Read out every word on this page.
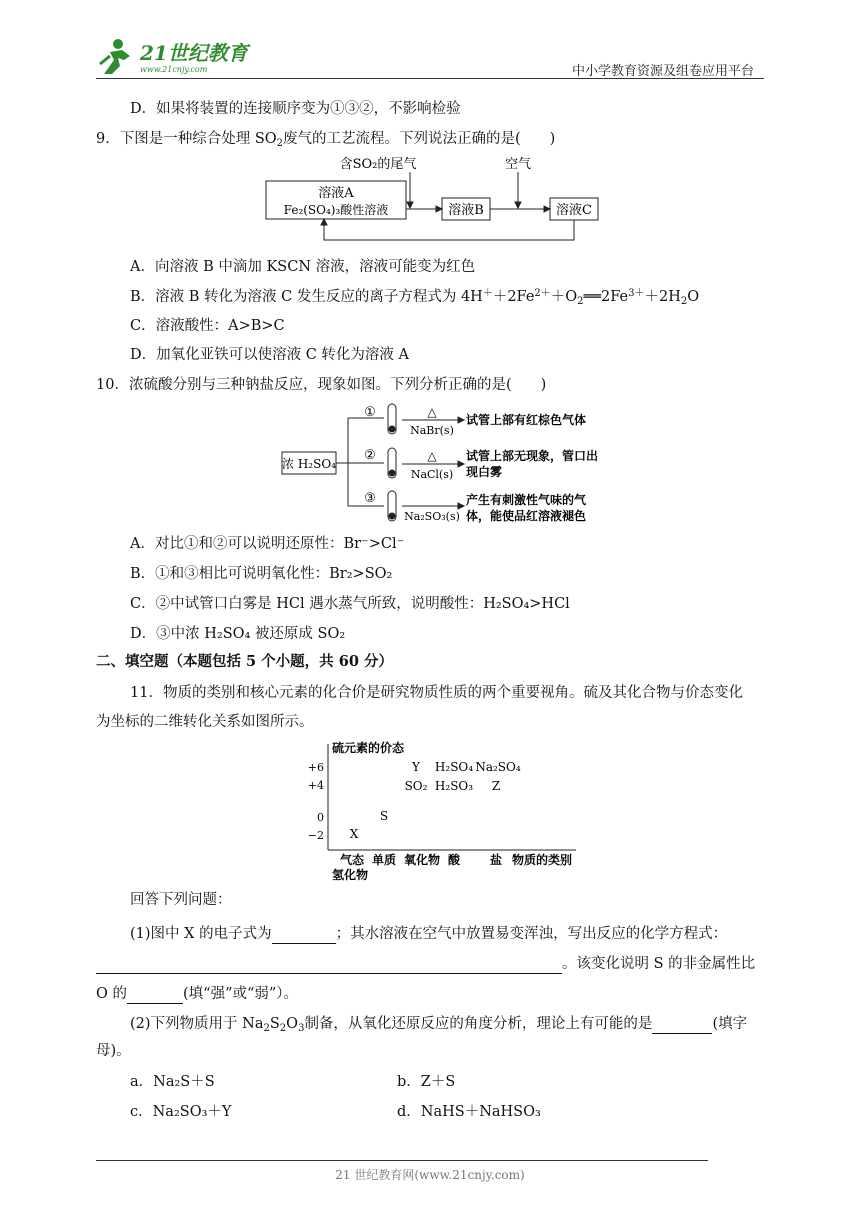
21世纪教育
www.21cnjy.com	中小学教育资源及组卷应用平台
D．如果将装置的连接顺序变为①③②，不影响检验
9．下图是一种综合处理 $SO_2$废气的工艺流程。下列说法正确的是(　　)
含SO₂的尾气	空气
溶液A
Fe₂(SO₄)₃酸性溶液	溶液B	溶液C
A．向溶液 B 中滴加 KSCN 溶液，溶液可能变为红色
B．溶液 B 转化为溶液 C 发生反应的离子方程式为 $4H^++2Fe^{2+}+O_2══2Fe^{3+}+2H_2O$
C．溶液酸性：A>B>C
D．加氧化亚铁可以使溶液 C 转化为溶液 A
10．浓硫酸分别与三种钠盐反应，现象如图。下列分析正确的是(　　)
浓 H₂SO₄
①
②
③
△
△
NaBr(s)
NaCl(s)
Na₂SO₃(s)
试管上部有红棕色气体
试管上部无现象，管口出
现白雾
产生有刺激性气味的气
体，能使品红溶液褪色
A．对比①和②可以说明还原性：Br⁻>Cl⁻
B．①和③相比可说明氧化性：Br₂>SO₂
C．②中试管口白雾是 HCl 遇水蒸气所致，说明酸性：H₂SO₄>HCl
D．③中浓 H₂SO₄ 被还原成 SO₂
二、填空题（本题包括 5 个小题，共 60 分）
11．物质的类别和核心元素的化合价是研究物质性质的两个重要视角。硫及其化合物与价态变化
为坐标的二维转化关系如图所示。
硫元素的价态
+6
+4
0
−2
Y H₂SO₄ Na₂SO₄
SO₂ H₂SO₃ Z
S
X
气态
氢化物
单质 氧化物 酸 盐 物质的类别
回答下列问题：
(1)图中 X 的电子式为	；其水溶液在空气中放置易变浑浊，写出反应的化学方程式：
。该变化说明 S 的非金属性比
O 的	(填“强”或“弱”）。
(2)下列物质用于 $Na_2S_2O_3$制备，从氧化还原反应的角度分析，理论上有可能的是	(填字
母)。
a．Na₂S＋S	b．Z＋S
c．Na₂SO₃＋Y	d．NaHS＋NaHSO₃
21 世纪教育网(www.21cnjy.com)
